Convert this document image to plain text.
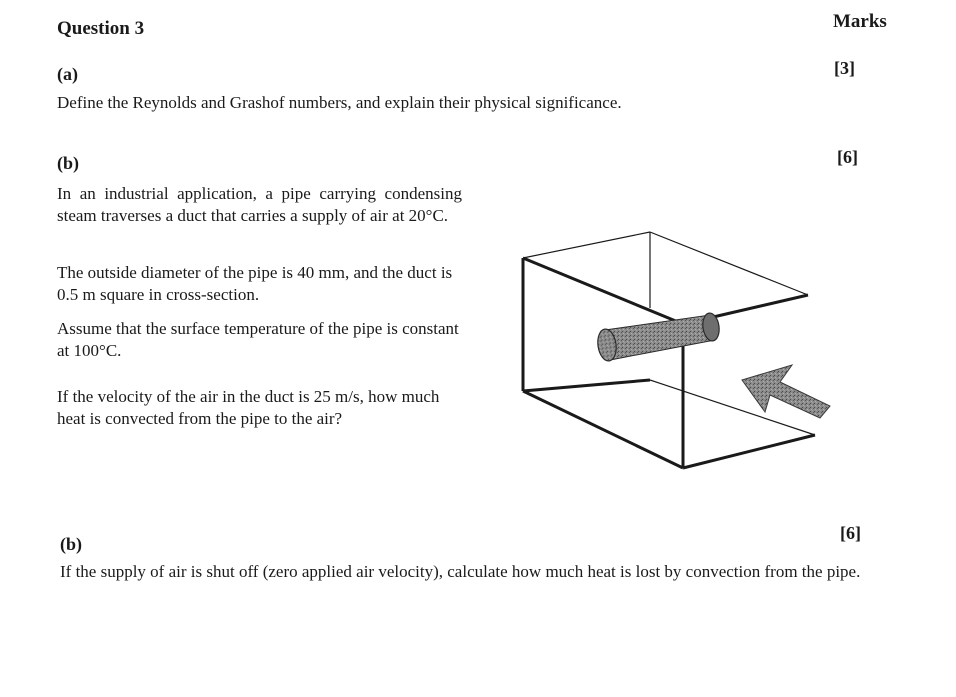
Question 3	Marks
(a)	[3]
Define the Reynolds and Grashof numbers, and explain their physical significance.
(b)	[6]
In an industrial application, a pipe carrying condensing steam traverses a duct that carries a supply of air at 20°C.
The outside diameter of the pipe is 40 mm, and the duct is 0.5 m square in cross-section.
Assume that the surface temperature of the pipe is constant at 100°C.
If the velocity of the air in the duct is 25 m/s, how much heat is convected from the pipe to the air?
(b)
[6]
If the supply of air is shut off (zero applied air velocity), calculate how much heat is lost by convection from the pipe.
